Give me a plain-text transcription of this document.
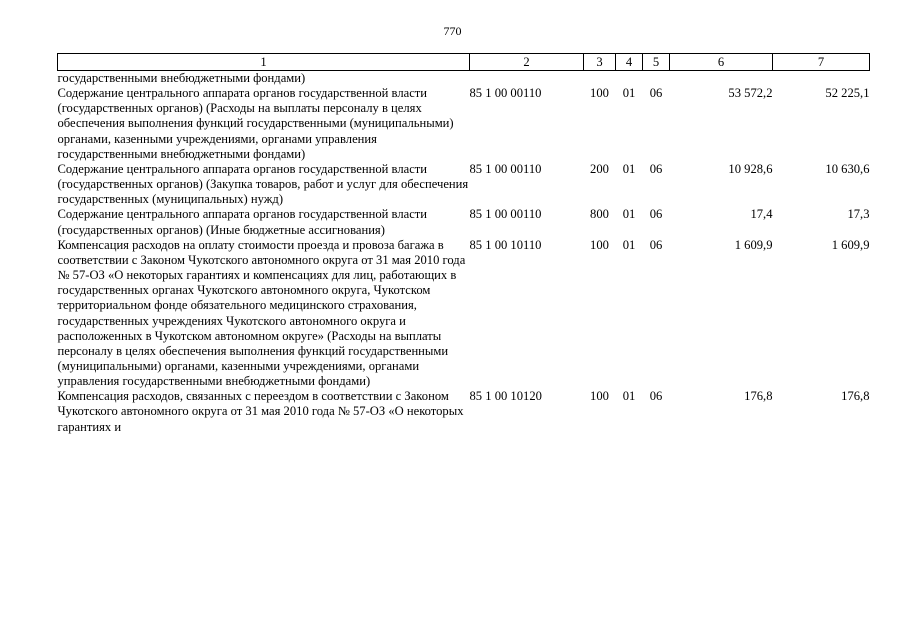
770
1	2	3	4	5	6	7
государственными внебюджетными фондами)						
Содержание центрального аппарата органов государственной власти (государственных органов) (Расходы на выплаты персоналу в целях обеспечения выполнения функций государственными (муниципальными) органами, казенными учреждениями, органами управления государственными внебюджетными фондами)	85 1 00 00110	100	01	06	53 572,2	52 225,1
Содержание центрального аппарата органов государственной власти (государственных органов) (Закупка товаров, работ и услуг для обеспечения государственных (муниципальных) нужд)	85 1 00 00110	200	01	06	10 928,6	10 630,6
Содержание центрального аппарата органов государственной власти (государственных органов) (Иные бюджетные ассигнования)	85 1 00 00110	800	01	06	17,4	17,3
Компенсация расходов на оплату стоимости проезда и провоза багажа в соответствии с Законом Чукотского автономного округа от 31 мая 2010 года № 57-ОЗ «О некоторых гарантиях и компенсациях для лиц, работающих в государственных органах Чукотского автономного округа, Чукотском территориальном фонде обязательного медицинского страхования, государственных учреждениях Чукотского автономного округа и расположенных в Чукотском автономном округе» (Расходы на выплаты персоналу в целях обеспечения выполнения функций государственными (муниципальными) органами, казенными учреждениями, органами управления государственными внебюджетными фондами)	85 1 00 10110	100	01	06	1 609,9	1 609,9
Компенсация расходов, связанных с переездом в соответствии с Законом Чукотского автономного округа от 31 мая 2010 года № 57-ОЗ «О некоторых гарантиях и	85 1 00 10120	100	01	06	176,8	176,8
